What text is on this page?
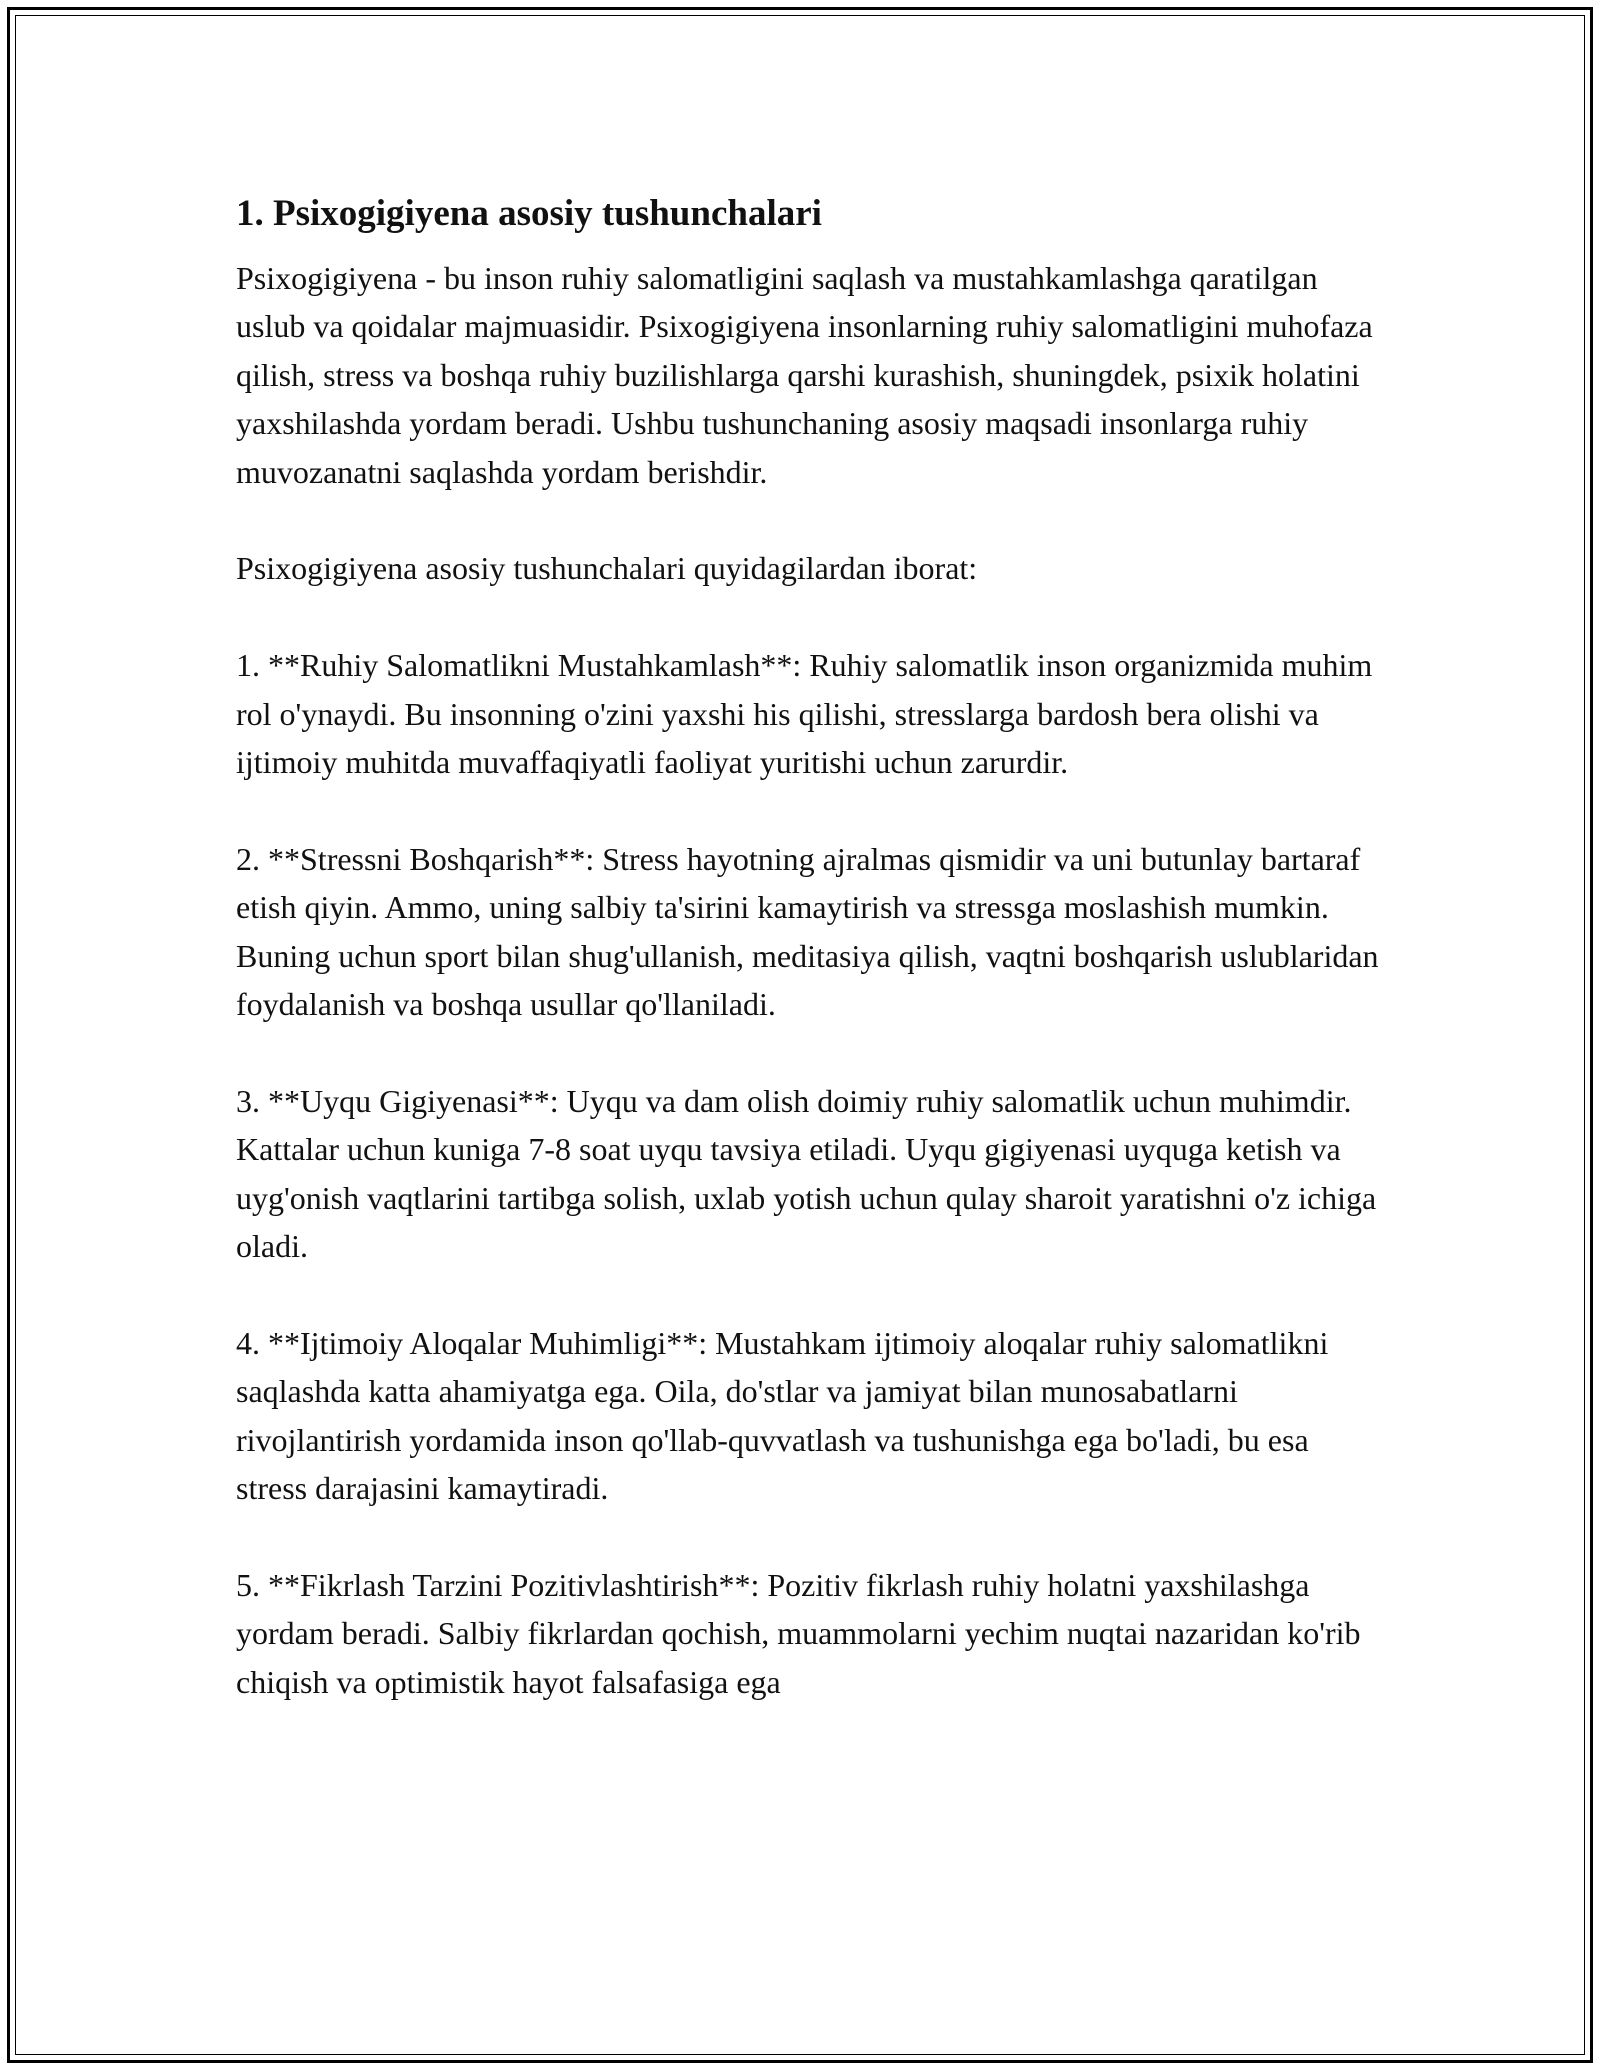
1. Psixogigiyena asosiy tushunchalari

Psixogigiyena - bu inson ruhiy salomatligini saqlash va mustahkamlashga qaratilgan uslub va qoidalar majmuasidir. Psixogigiyena insonlarning ruhiy salomatligini muhofaza qilish, stress va boshqa ruhiy buzilishlarga qarshi kurashish, shuningdek, psixik holatini yaxshilashda yordam beradi. Ushbu tushunchaning asosiy maqsadi insonlarga ruhiy muvozanatni saqlashda yordam berishdir.

Psixogigiyena asosiy tushunchalari quyidagilardan iborat:

1. **Ruhiy Salomatlikni Mustahkamlash**: Ruhiy salomatlik inson organizmida muhim rol o'ynaydi. Bu insonning o'zini yaxshi his qilishi, stresslarga bardosh bera olishi va ijtimoiy muhitda muvaffaqiyatli faoliyat yuritishi uchun zarurdir.

2. **Stressni Boshqarish**: Stress hayotning ajralmas qismidir va uni butunlay bartaraf etish qiyin. Ammo, uning salbiy ta'sirini kamaytirish va stressga moslashish mumkin. Buning uchun sport bilan shug'ullanish, meditasiya qilish, vaqtni boshqarish uslublaridan foydalanish va boshqa usullar qo'llaniladi.

3. **Uyqu Gigiyenasi**: Uyqu va dam olish doimiy ruhiy salomatlik uchun muhimdir. Kattalar uchun kuniga 7-8 soat uyqu tavsiya etiladi. Uyqu gigiyenasi uyquga ketish va uyg'onish vaqtlarini tartibga solish, uxlab yotish uchun qulay sharoit yaratishni o'z ichiga oladi.

4. **Ijtimoiy Aloqalar Muhimligi**: Mustahkam ijtimoiy aloqalar ruhiy salomatlikni saqlashda katta ahamiyatga ega. Oila, do'stlar va jamiyat bilan munosabatlarni rivojlantirish yordamida inson qo'llab-quvvatlash va tushunishga ega bo'ladi, bu esa stress darajasini kamaytiradi.

5. **Fikrlash Tarzini Pozitivlashtirish**: Pozitiv fikrlash ruhiy holatni yaxshilashga yordam beradi. Salbiy fikrlardan qochish, muammolarni yechim nuqtai nazaridan ko'rib chiqish va optimistik hayot falsafasiga ega
